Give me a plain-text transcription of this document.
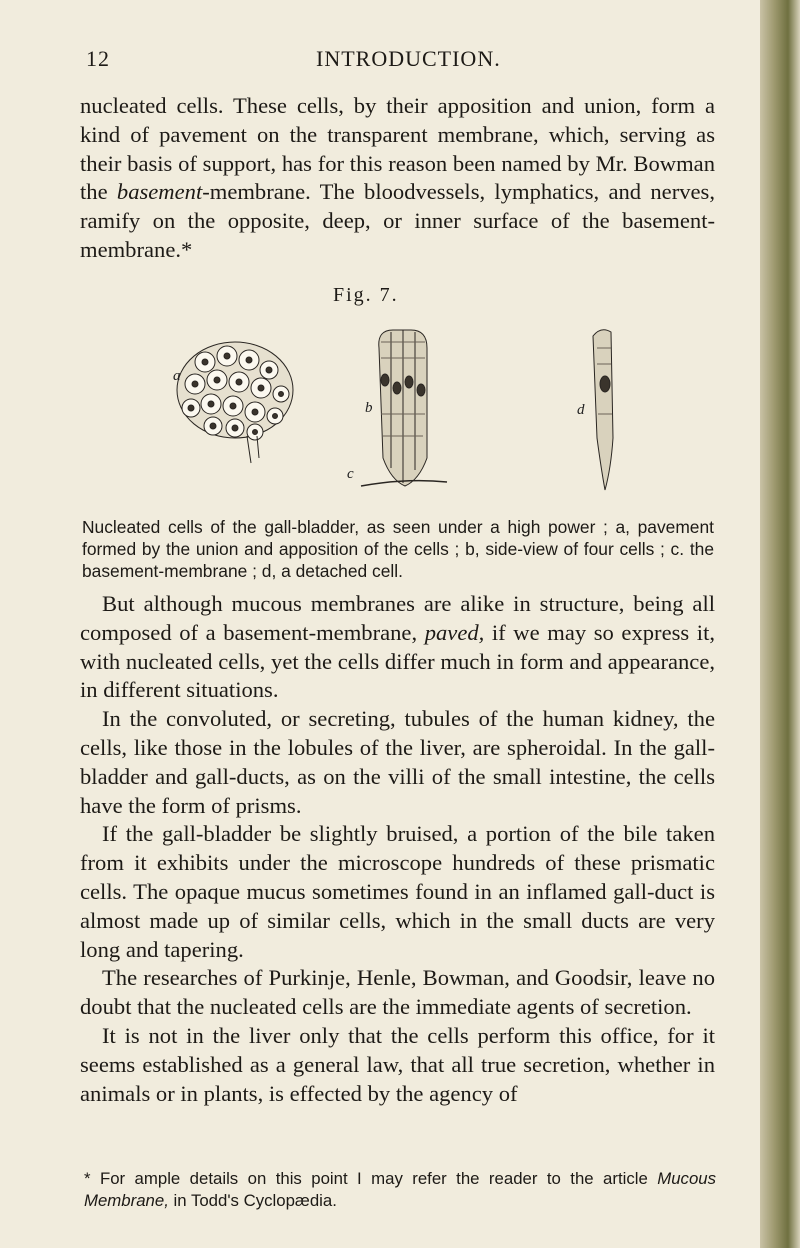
12	INTRODUCTION.

nucleated cells. These cells, by their apposition and union, form a kind of pavement on the transparent membrane, which, serving as their basis of support, has for this reason been named by Mr. Bowman the basement-membrane. The bloodvessels, lymphatics, and nerves, ramify on the opposite, deep, or inner surface of the basement-membrane.*

Fig. 7.
a
b
c
d

Nucleated cells of the gall-bladder, as seen under a high power ; a, pavement formed by the union and apposition of the cells ; b, side-view of four cells ; c. the basement-membrane ; d, a detached cell.

But although mucous membranes are alike in structure, being all composed of a basement-membrane, paved, if we may so express it, with nucleated cells, yet the cells differ much in form and appearance, in different situations.

In the convoluted, or secreting, tubules of the human kidney, the cells, like those in the lobules of the liver, are spheroidal. In the gall-bladder and gall-ducts, as on the villi of the small intestine, the cells have the form of prisms.

If the gall-bladder be slightly bruised, a portion of the bile taken from it exhibits under the microscope hundreds of these prismatic cells. The opaque mucus sometimes found in an inflamed gall-duct is almost made up of similar cells, which in the small ducts are very long and tapering.

The researches of Purkinje, Henle, Bowman, and Goodsir, leave no doubt that the nucleated cells are the immediate agents of secretion.

It is not in the liver only that the cells perform this office, for it seems established as a general law, that all true secretion, whether in animals or in plants, is effected by the agency of

* For ample details on this point I may refer the reader to the article Mucous Membrane, in Todd's Cyclopædia.
